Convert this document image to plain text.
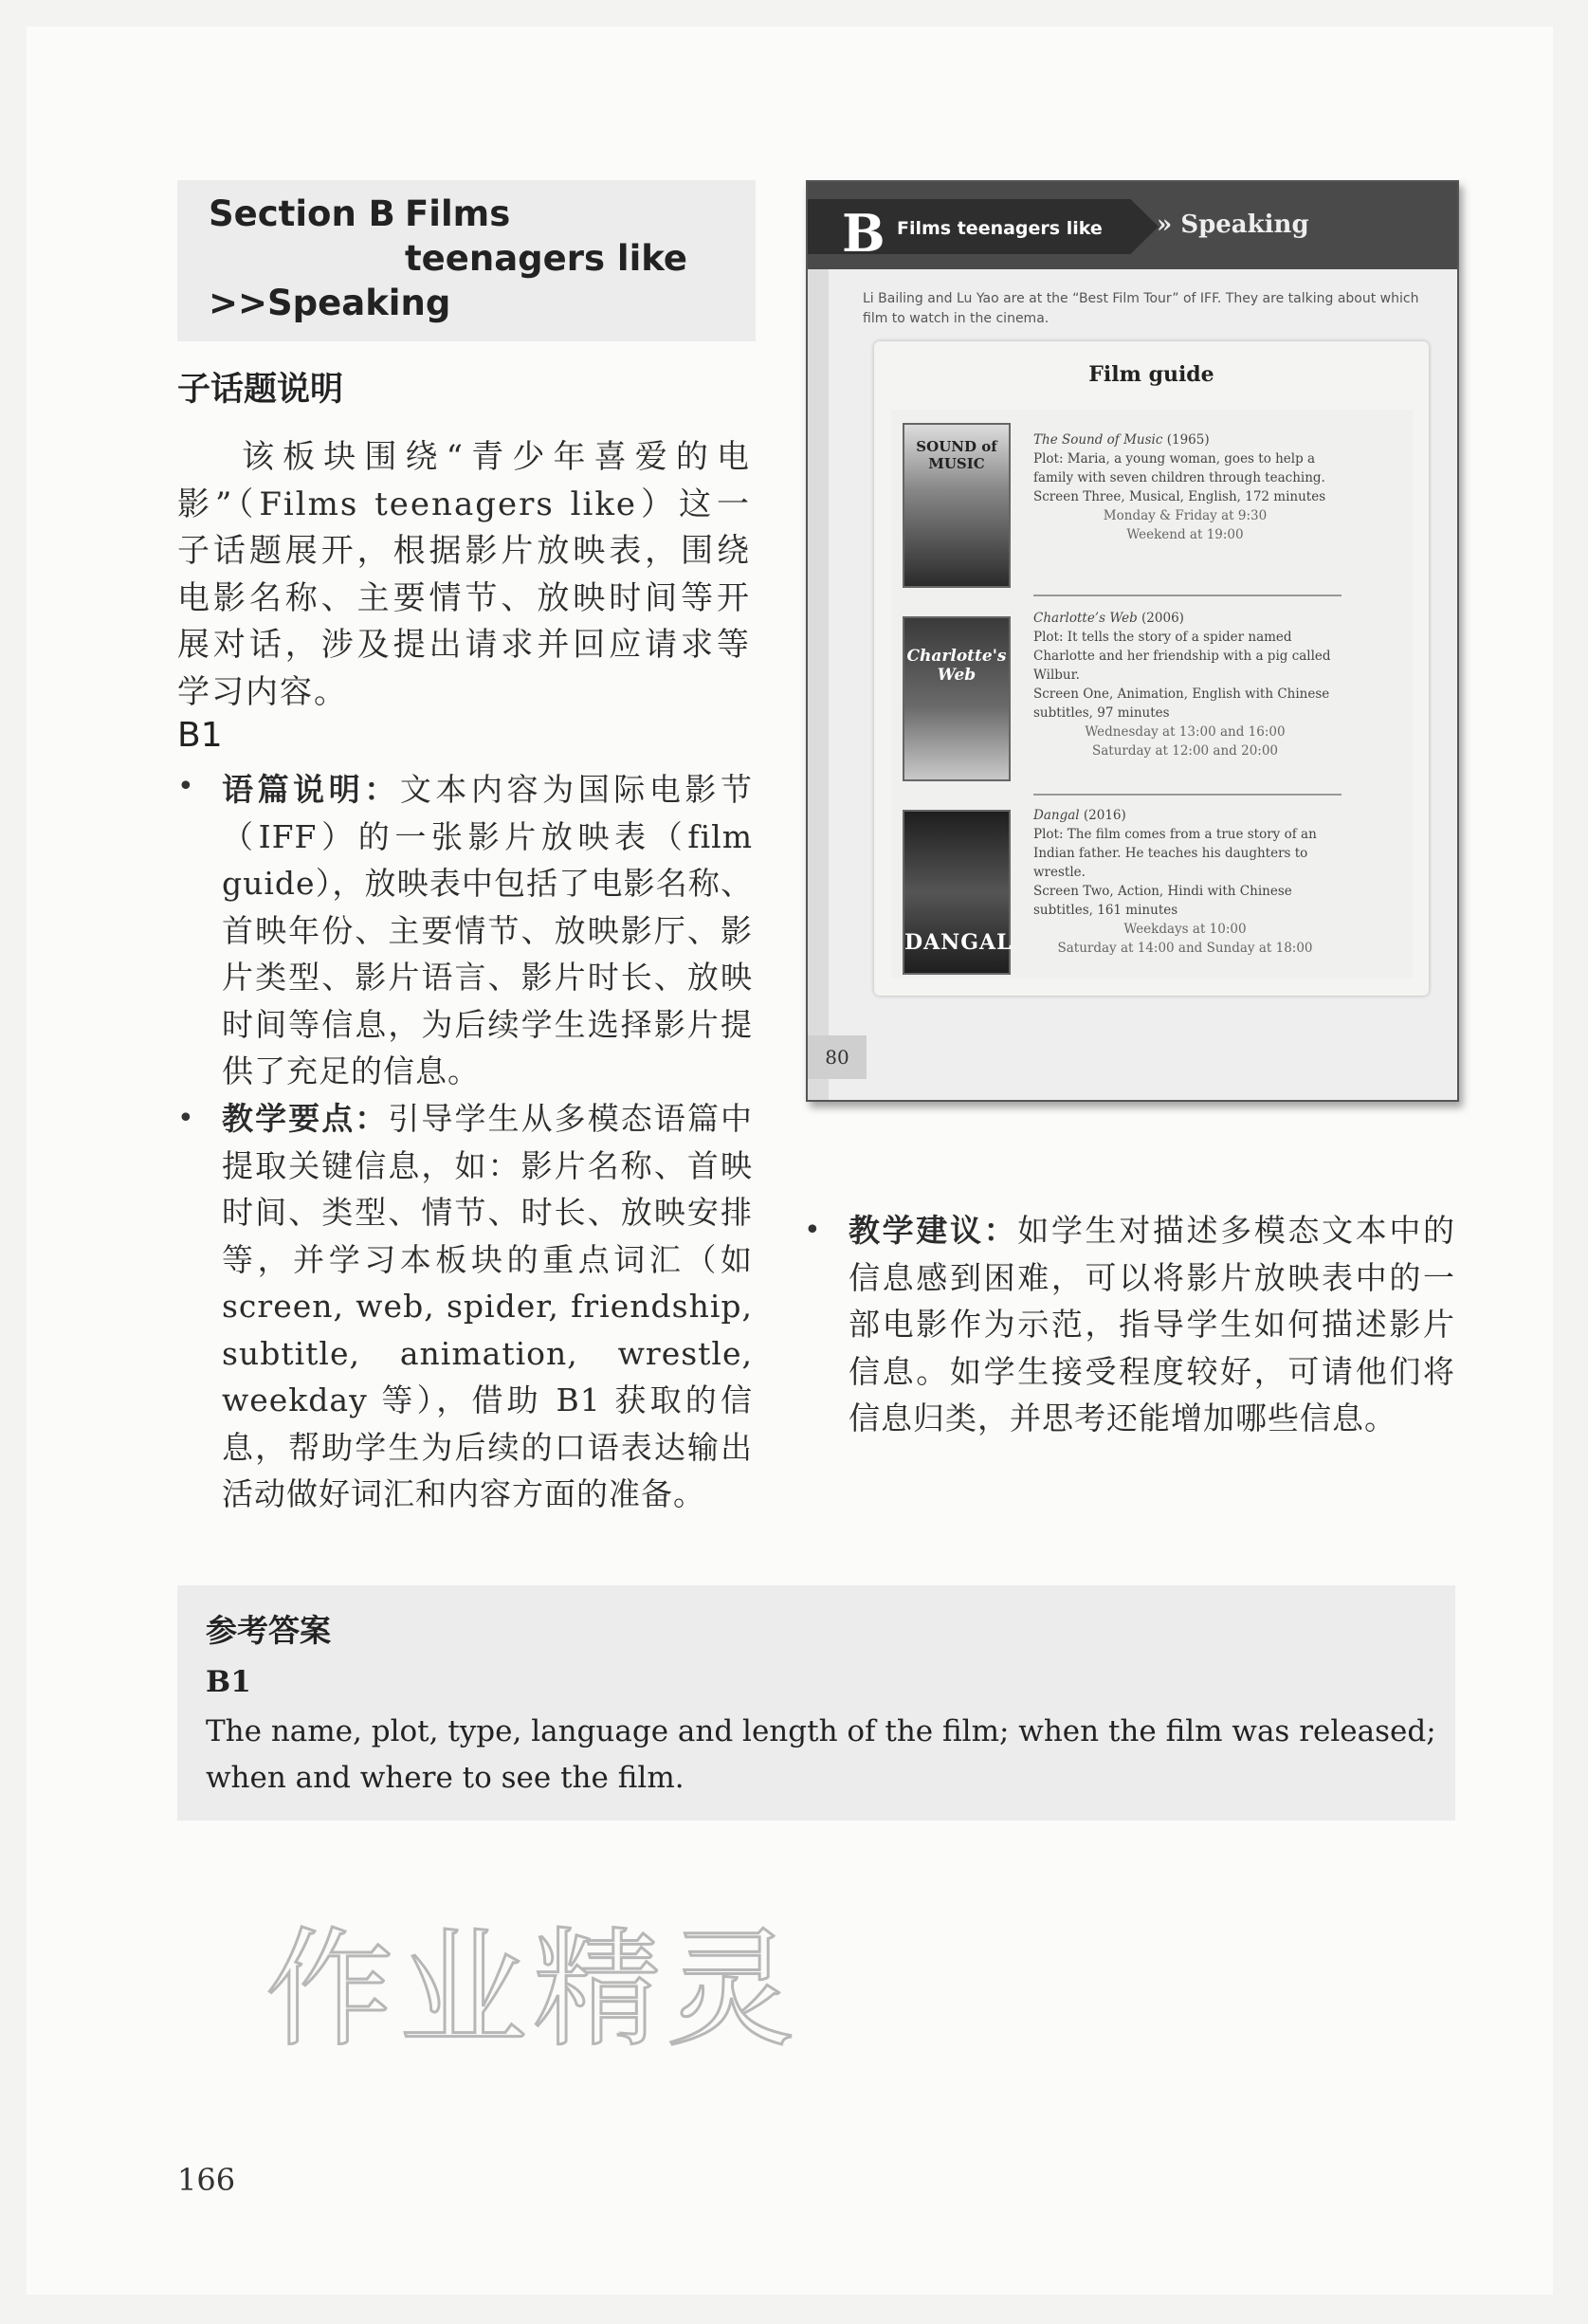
Section B Films teenagers like
>>Speaking
子话题说明
该板块围绕“青少年喜爱的电影”（Films teenagers like）这一子话题展开，根据影片放映表，围绕电影名称、主要情节、放映时间等开展对话，涉及提出请求并回应请求等学习内容。
B1
• 语篇说明：文本内容为国际电影节（IFF）的一张影片放映表（film guide），放映表中包括了电影名称、首映年份、主要情节、放映影厅、影片类型、影片语言、影片时长、放映时间等信息，为后续学生选择影片提供了充足的信息。
• 教学要点：引导学生从多模态语篇中提取关键信息，如：影片名称、首映时间、类型、情节、时长、放映安排等，并学习本板块的重点词汇（如 screen, web, spider, friendship, subtitle, animation, wrestle, weekday 等），借助 B1 获取的信息，帮助学生为后续的口语表达输出活动做好词汇和内容方面的准备。
• 教学建议：如学生对描述多模态文本中的信息感到困难，可以将影片放映表中的一部电影作为示范，指导学生如何描述影片信息。如学生接受程度较好，可请他们将信息归类，并思考还能增加哪些信息。
B Films teenagers like » Speaking
Li Bailing and Lu Yao are at the “Best Film Tour” of IFF. They are talking about which film to watch in the cinema.
Film guide
SOUND of MUSIC
The Sound of Music (1965)
Plot: Maria, a young woman, goes to help a family with seven children through teaching.
Screen Three, Musical, English, 172 minutes
Monday & Friday at 9:30
Weekend at 19:00
Charlotte's Web
Charlotte’s Web (2006)
Plot: It tells the story of a spider named Charlotte and her friendship with a pig called Wilbur.
Screen One, Animation, English with Chinese subtitles, 97 minutes
Wednesday at 13:00 and 16:00
Saturday at 12:00 and 20:00
DANGAL
Dangal (2016)
Plot: The film comes from a true story of an Indian father. He teaches his daughters to wrestle.
Screen Two, Action, Hindi with Chinese subtitles, 161 minutes
Weekdays at 10:00
Saturday at 14:00 and Sunday at 18:00
80
参考答案
B1
The name, plot, type, language and length of the film; when the film was released; when and where to see the film.
作业精灵
166
